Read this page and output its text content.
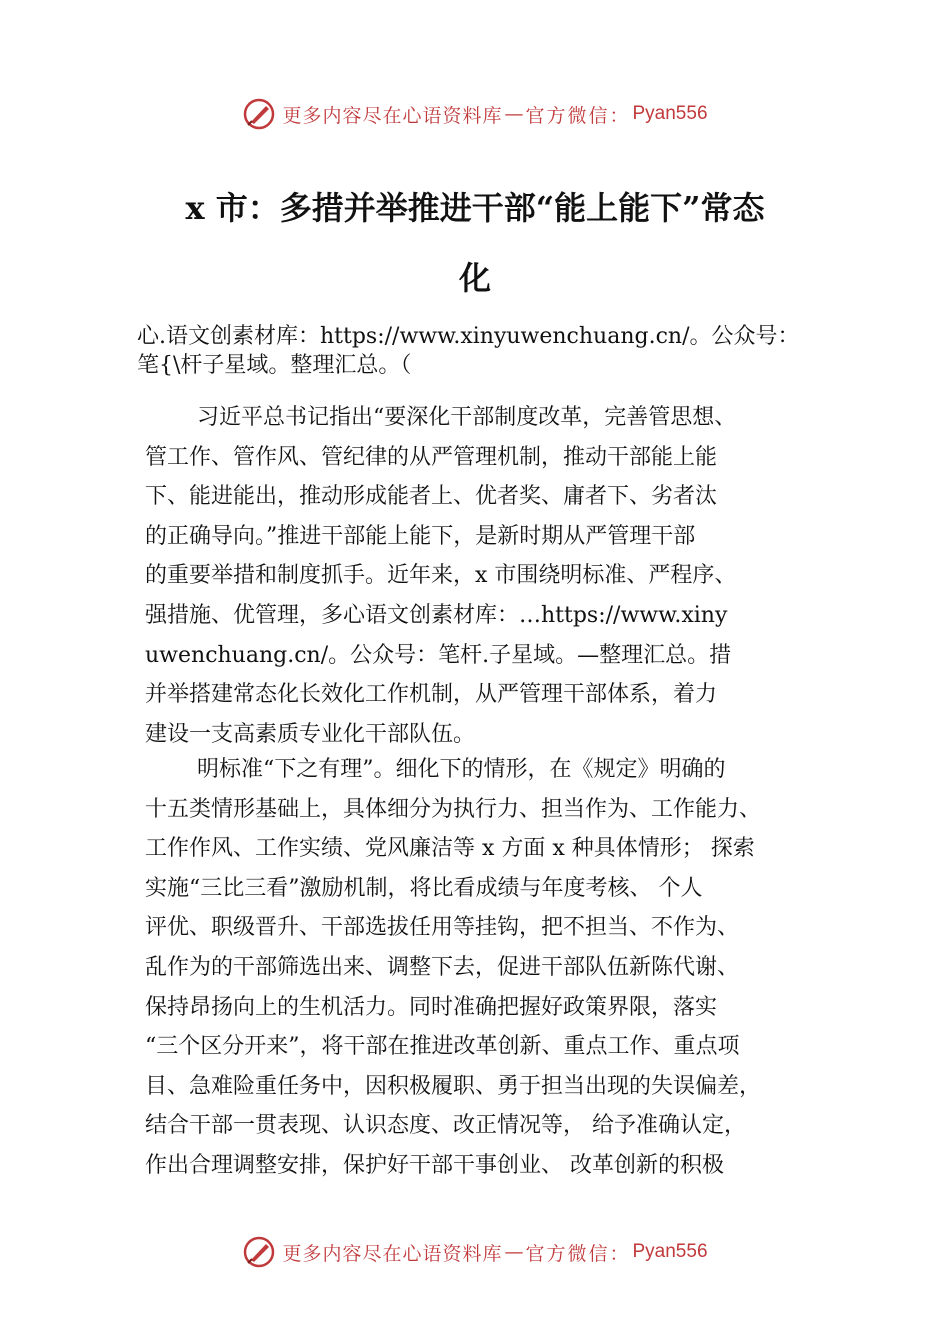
更多内容尽在心语资料库 — 官方微信： Pyan556
x 市：多措并举推进干部“能上能下”常态
化
心.语文创素材库：https://www.xinyuwenchuang.cn/。公众号：
笔{\杆子星域。整理汇总。（
习近平总书记指出“要深化干部制度改革，完善管思想、
管工作、管作风、管纪律的从严管理机制，推动干部能上能
下、能进能出，推动形成能者上、优者奖、庸者下、劣者汰
的正确导向。”推进干部能上能下，是新时期从严管理干部
的重要举措和制度抓手。近年来，x 市围绕明标准、严程序、
强措施、优管理，多心语文创素材库：…https://www.xiny
uwenchuang.cn/。公众号：笔杆.子星域。—整理汇总。措
并举搭建常态化长效化工作机制，从严管理干部体系，着力
建设一支高素质专业化干部队伍。
明标准“下之有理”。细化下的情形，在《规定》明确的
十五类情形基础上，具体细分为执行力、担当作为、工作能力、
工作作风、工作实绩、党风廉洁等 x 方面 x 种具体情形； 探索
实施“三比三看”激励机制，将比看成绩与年度考核、 个人
评优、职级晋升、干部选拔任用等挂钩，把不担当、不作为、
乱作为的干部筛选出来、调整下去，促进干部队伍新陈代谢、
保持昂扬向上的生机活力。同时准确把握好政策界限，落实
“三个区分开来”，将干部在推进改革创新、重点工作、重点项
目、急难险重任务中，因积极履职、勇于担当出现的失误偏差，
结合干部一贯表现、认识态度、改正情况等， 给予准确认定，
作出合理调整安排，保护好干部干事创业、 改革创新的积极
更多内容尽在心语资料库 — 官方微信： Pyan556
